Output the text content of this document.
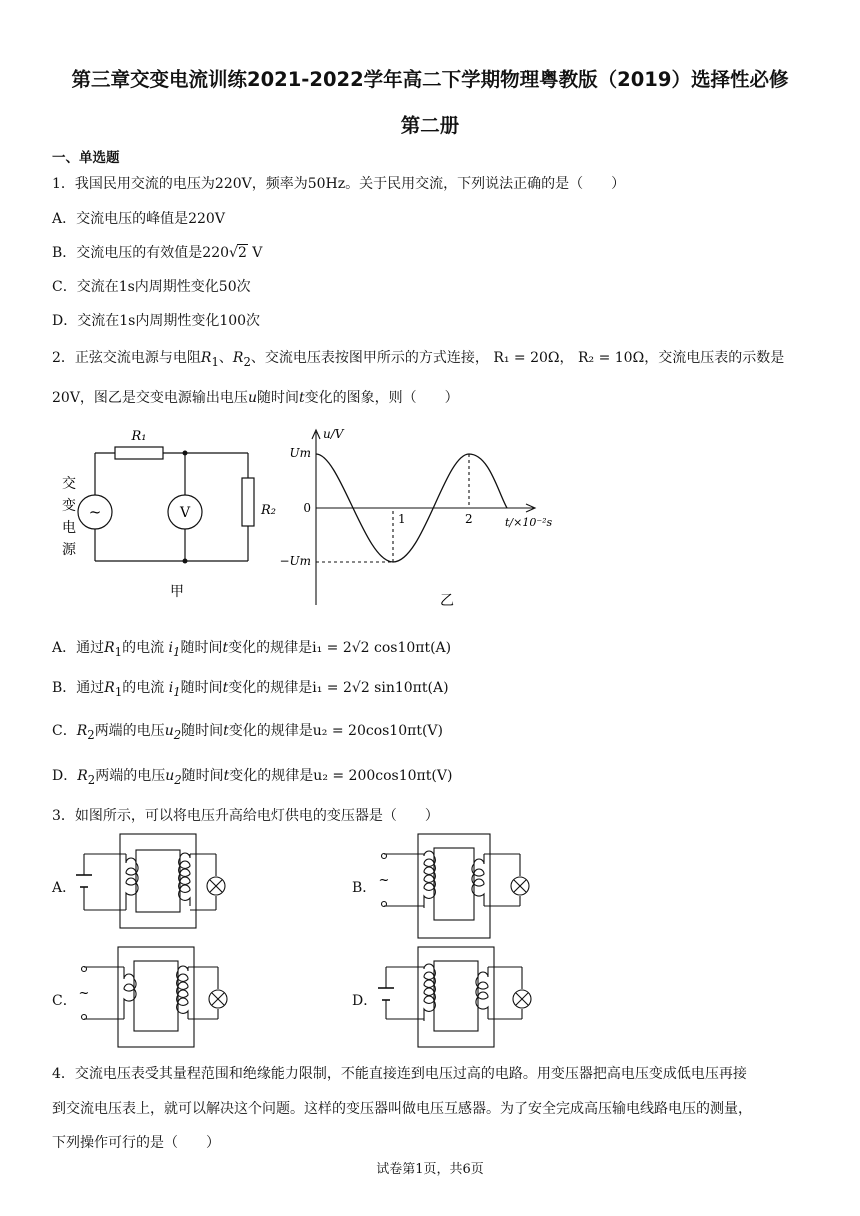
第三章交变电流训练2021-2022学年高二下学期物理粤教版（2019）选择性必修
第二册
一、单选题
1．我国民用交流的电压为220V，频率为50Hz。关于民用交流，下列说法正确的是（　　）
A．交流电压的峰值是220V
B．交流电压的有效值是220√2 V
C．交流在1s内周期性变化50次
D．交流在1s内周期性变化100次
2．正弦交流电源与电阻$R_1$、$R_2$、交流电压表按图甲所示的方式连接， R₁ = 20Ω， R₂ = 10Ω，交流电压表的示数是
20V，图乙是交变电源输出电压u随时间t变化的图象，则（　　）
R₁
R₂
V
~
交
变
电
源
甲
u/V
Um
0
−Um
1	2	t/×10⁻²s
乙
A．通过$R_1$的电流 $i_1$随时间t变化的规律是i₁ = 2√2 cos10πt(A)
B．通过$R_1$的电流 $i_1$随时间t变化的规律是i₁ = 2√2 sin10πt(A)
C．$R_2$两端的电压$u_2$随时间t变化的规律是u₂ = 20cos10πt(V)
D．$R_2$两端的电压$u_2$随时间t变化的规律是u₂ = 200cos10πt(V)
3．如图所示，可以将电压升高给电灯供电的变压器是（　　）
A．	B．
C．	D．
~
~
4．交流电压表受其量程范围和绝缘能力限制，不能直接连到电压过高的电路。用变压器把高电压变成低电压再接
到交流电压表上，就可以解决这个问题。这样的变压器叫做电压互感器。为了安全完成高压输电线路电压的测量，
下列操作可行的是（　　）
试卷第1页，共6页
